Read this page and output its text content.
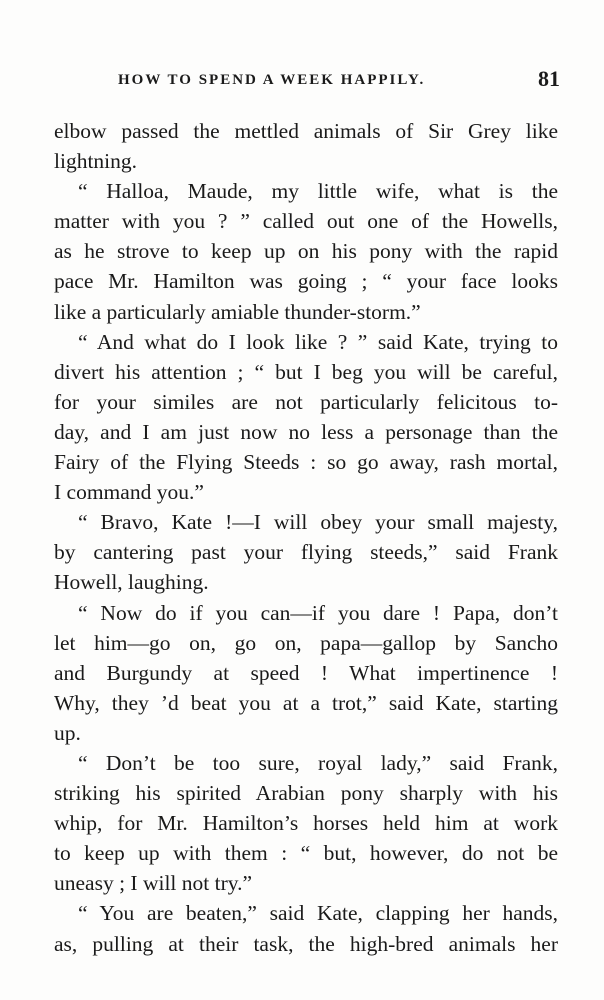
HOW TO SPEND A WEEK HAPPILY.	81
elbow passed the mettled animals of Sir Grey like
lightning.
“ Halloa, Maude, my little wife, what is the
matter with you ? ” called out one of the Howells,
as he strove to keep up on his pony with the rapid
pace Mr. Hamilton was going ; “ your face looks
like a particularly amiable thunder-storm.”
“ And what do I look like ? ” said Kate, trying to
divert his attention ; “ but I beg you will be careful,
for your similes are not particularly felicitous to-
day, and I am just now no less a personage than the
Fairy of the Flying Steeds : so go away, rash mortal,
I command you.”
“ Bravo, Kate !—I will obey your small majesty,
by cantering past your flying steeds,” said Frank
Howell, laughing.
“ Now do if you can—if you dare ! Papa, don’t
let him—go on, go on, papa—gallop by Sancho
and Burgundy at speed ! What impertinence !
Why, they ’d beat you at a trot,” said Kate, starting
up.
“ Don’t be too sure, royal lady,” said Frank,
striking his spirited Arabian pony sharply with his
whip, for Mr. Hamilton’s horses held him at work
to keep up with them : “ but, however, do not be
uneasy ; I will not try.”
“ You are beaten,” said Kate, clapping her hands,
as, pulling at their task, the high-bred animals her
